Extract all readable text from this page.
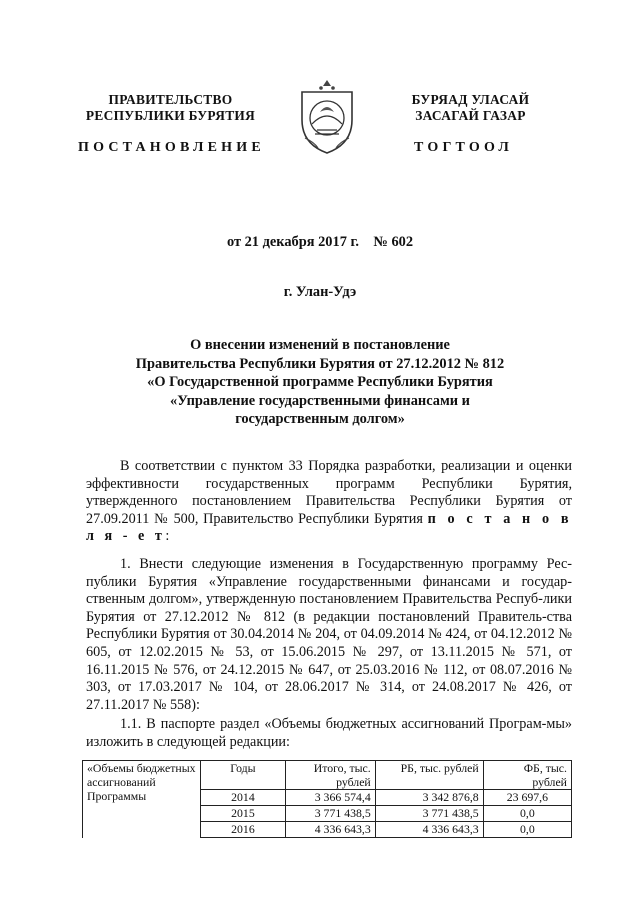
ПРАВИТЕЛЬСТВО
РЕСПУБЛИКИ БУРЯТИЯ
БУРЯАД УЛАСАЙ
ЗАСАГАЙ ГАЗАР
ПОСТАНОВЛЕНИЕ	ТОГТООЛ
от 21 декабря 2017 г.    № 602
г. Улан-Удэ
О внесении изменений в постановление
Правительства Республики Бурятия от 27.12.2012 № 812
«О Государственной программе Республики Бурятия
«Управление государственными финансами и
государственным долгом»
В соответствии с пунктом 33 Порядка разработки, реализации и оценки эффективности государственных программ Республики Бурятия, утвержденного постановлением Правительства Республики Бурятия от 27.09.2011 № 500, Правительство Республики Бурятия п о с т а н о в л я - е т:
1. Внести следующие изменения в Государственную программу Рес-публики Бурятия «Управление государственными финансами и государ-ственным долгом», утвержденную постановлением Правительства Респуб-лики Бурятия от 27.12.2012 № 812 (в редакции постановлений Правитель-ства Республики Бурятия от 30.04.2014 № 204, от 04.09.2014 № 424, от 04.12.2012 № 605, от 12.02.2015 № 53, от 15.06.2015 № 297, от 13.11.2015 № 571, от 16.11.2015 № 576, от 24.12.2015 № 647, от 25.03.2016 № 112, от 08.07.2016 № 303, от 17.03.2017 № 104, от 28.06.2017 № 314, от 24.08.2017 № 426, от 27.11.2017 № 558):
1.1. В паспорте раздел «Объемы бюджетных ассигнований Програм-мы» изложить в следующей редакции:
«Объемы бюджетных ассигнований Программы	Годы	Итого, тыс. рублей	РБ, тыс. рублей	ФБ, тыс. рублей
	2014	3 366 574,4	3 342 876,8	23 697,6
	2015	3 771 438,5	3 771 438,5	0,0
	2016	4 336 643,3	4 336 643,3	0,0
